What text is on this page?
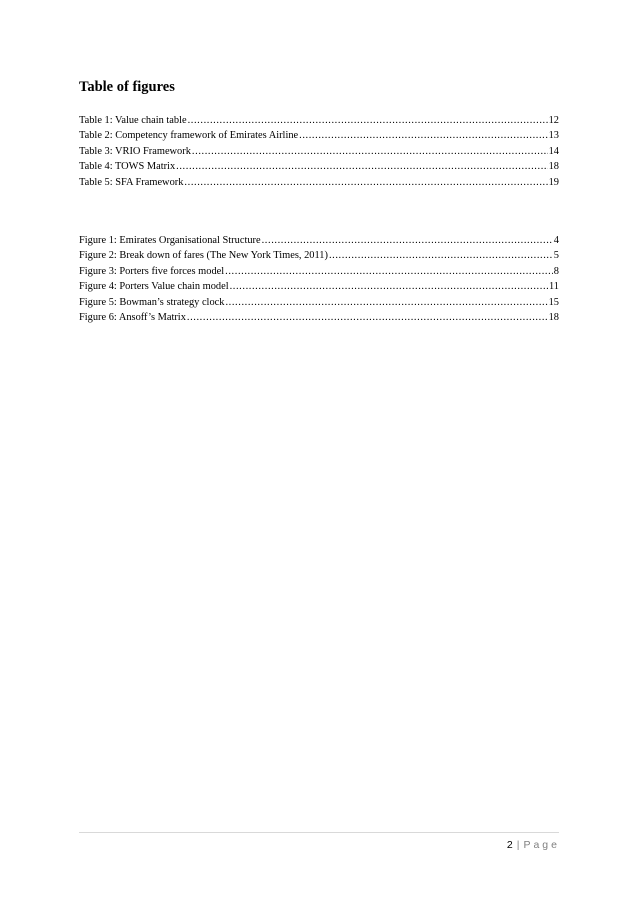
Table of figures
Table 1: Value chain table .....	12
Table 2: Competency framework of Emirates Airline .....	13
Table 3: VRIO Framework .....	14
Table 4: TOWS Matrix .....	18
Table 5: SFA Framework .....	19
Figure 1: Emirates Organisational Structure .....	4
Figure 2: Break down of fares (The New York Times, 2011) .....	5
Figure 3: Porters five forces model .....	8
Figure 4: Porters Value chain model .....	11
Figure 5: Bowman’s strategy clock .....	15
Figure 6: Ansoff’s Matrix .....	18
2 | Page
